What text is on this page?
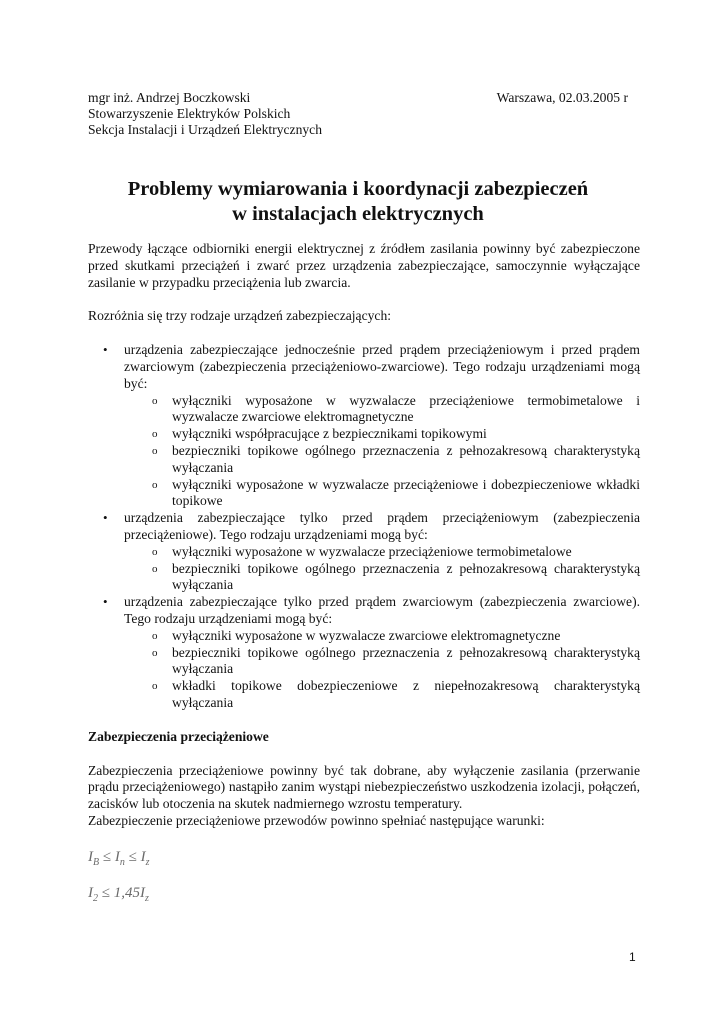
mgr inż. Andrzej Boczkowski	Warszawa, 02.03.2005 r
Stowarzyszenie Elektryków Polskich
Sekcja Instalacji i Urządzeń Elektrycznych
Problemy wymiarowania i koordynacji zabezpieczeń
w instalacjach elektrycznych

Przewody łączące odbiorniki energii elektrycznej z źródłem zasilania powinny być zabezpieczone przed skutkami przeciążeń i zwarć przez urządzenia zabezpieczające, samoczynnie wyłączające zasilanie w przypadku przeciążenia lub zwarcia.

Rozróżnia się trzy rodzaje urządzeń zabezpieczających:

• urządzenia zabezpieczające jednocześnie przed prądem przeciążeniowym i przed prądem zwarciowym (zabezpieczenia przeciążeniowo-zwarciowe). Tego rodzaju urządzeniami mogą być:
o wyłączniki wyposażone w wyzwalacze przeciążeniowe termobimetalowe i wyzwalacze zwarciowe elektromagnetyczne
o wyłączniki współpracujące z bezpiecznikami topikowymi
o bezpieczniki topikowe ogólnego przeznaczenia z pełnozakresową charakterystyką wyłączania
o wyłączniki wyposażone w wyzwalacze przeciążeniowe i dobezpieczeniowe wkładki topikowe
• urządzenia zabezpieczające tylko przed prądem przeciążeniowym (zabezpieczenia przeciążeniowe). Tego rodzaju urządzeniami mogą być:
o wyłączniki wyposażone w wyzwalacze przeciążeniowe termobimetalowe
o bezpieczniki topikowe ogólnego przeznaczenia z pełnozakresową charakterystyką wyłączania
• urządzenia zabezpieczające tylko przed prądem zwarciowym (zabezpieczenia zwarciowe). Tego rodzaju urządzeniami mogą być:
o wyłączniki wyposażone w wyzwalacze zwarciowe elektromagnetyczne
o bezpieczniki topikowe ogólnego przeznaczenia z pełnozakresową charakterystyką wyłączania
o wkładki topikowe dobezpieczeniowe z niepełnozakresową charakterystyką wyłączania
Zabezpieczenia przeciążeniowe

Zabezpieczenia przeciążeniowe powinny być tak dobrane, aby wyłączenie zasilania (przerwanie prądu przeciążeniowego) nastąpiło zanim wystąpi niebezpieczeństwo uszkodzenia izolacji, połączeń, zacisków lub otoczenia na skutek nadmiernego wzrostu temperatury.

Zabezpieczenie przeciążeniowe przewodów powinno spełniać następujące warunki:

$I_B \le I_n \le I_z$
$I_2 \le 1,45I_z$
1
